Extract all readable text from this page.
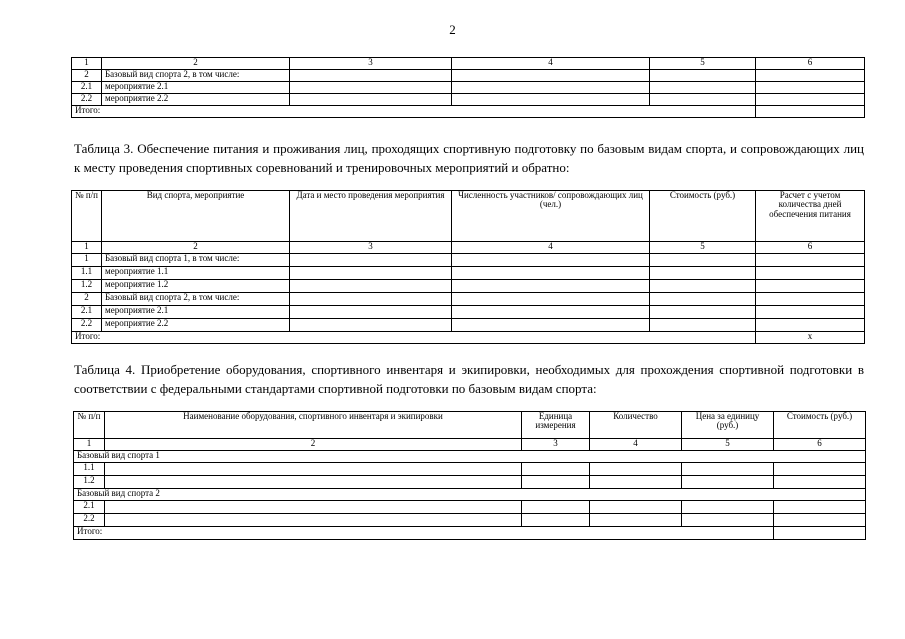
2
1	2	3	4	5	6
2	Базовый вид спорта 2, в том числе:				
2.1	мероприятие 2.1				
2.2	мероприятие 2.2				
Итого:					
Таблица 3. Обеспечение питания и проживания лиц, проходящих спортивную подготовку по базовым видам спорта, и сопровождающих лиц к месту проведения спортивных соревнований и тренировочных мероприятий и обратно:
№ п/п	Вид спорта, мероприятие	Дата и место проведения мероприятия	Численность участников/ сопровождающих лиц (чел.)	Стоимость (руб.)	Расчет с учетом количества дней обеспечения питания
1	2	3	4	5	6
1	Базовый вид спорта 1, в том числе:				
1.1	мероприятие 1.1				
1.2	мероприятие 1.2				
2	Базовый вид спорта 2, в том числе:				
2.1	мероприятие 2.1				
2.2	мероприятие 2.2				
Итого:					x
Таблица 4. Приобретение оборудования, спортивного инвентаря и экипировки, необходимых для прохождения спортивной подготовки в соответствии с федеральными стандартами спортивной подготовки по базовым видам спорта:
№ п/п	Наименование оборудования, спортивного инвентаря и экипировки	Единица измерения	Количество	Цена за единицу (руб.)	Стоимость (руб.)
1	2	3	4	5	6
Базовый вид спорта 1					
1.1					
1.2					
Базовый вид спорта 2					
2.1					
2.2					
Итого:					
